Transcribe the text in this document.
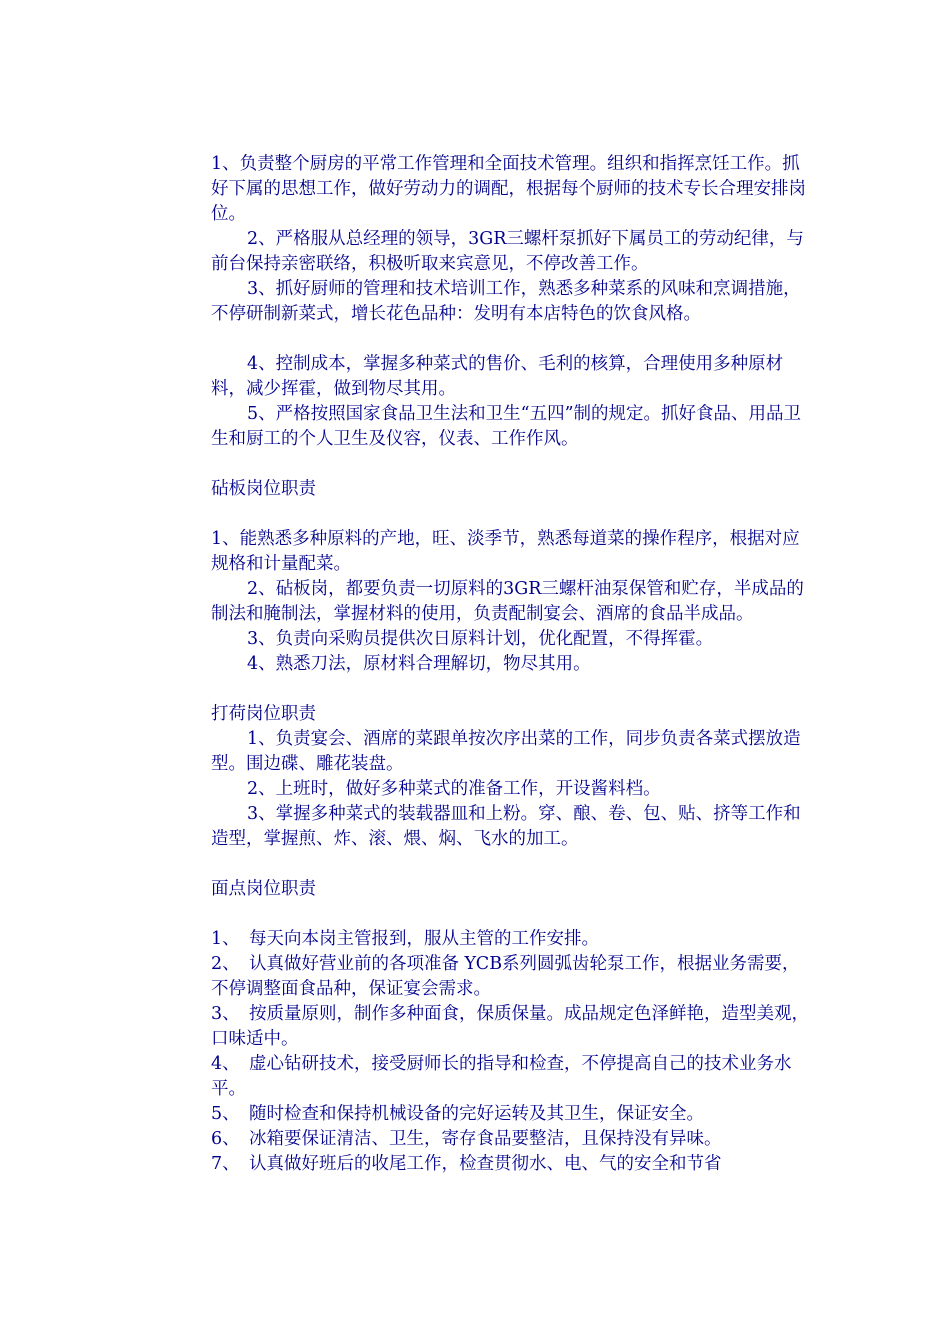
1、负责整个厨房的平常工作管理和全面技术管理。组织和指挥烹饪工作。抓好下属的思想工作，做好劳动力的调配，根据每个厨师的技术专长合理安排岗位。

2、严格服从总经理的领导，3GR三螺杆泵抓好下属员工的劳动纪律，与前台保持亲密联络，积极听取来宾意见，不停改善工作。

3、抓好厨师的管理和技术培训工作，熟悉多种菜系的风味和烹调措施，不停研制新菜式，增长花色品种：发明有本店特色的饮食风格。

4、控制成本，掌握多种菜式的售价、毛利的核算，合理使用多种原材料，减少挥霍，做到物尽其用。

5、严格按照国家食品卫生法和卫生“五四”制的规定。抓好食品、用品卫生和厨工的个人卫生及仪容，仪表、工作作风。

砧板岗位职责

1、能熟悉多种原料的产地，旺、淡季节，熟悉每道菜的操作程序，根据对应规格和计量配菜。

2、砧板岗，都要负责一切原料的3GR三螺杆油泵保管和贮存，半成品的制法和腌制法，掌握材料的使用，负责配制宴会、酒席的食品半成品。

3、负责向采购员提供次日原料计划，优化配置，不得挥霍。

4、熟悉刀法，原材料合理解切，物尽其用。

打荷岗位职责

1、负责宴会、酒席的菜跟单按次序出菜的工作，同步负责各菜式摆放造型。围边碟、雕花装盘。

2、上班时，做好多种菜式的准备工作，开设酱料档。

3、掌握多种菜式的装载器皿和上粉。穿、酿、卷、包、贴、挤等工作和造型，掌握煎、炸、滚、煨、焖、飞水的加工。

面点岗位职责

1、 每天向本岗主管报到，服从主管的工作安排。

2、 认真做好营业前的各项准备 YCB系列圆弧齿轮泵工作，根据业务需要，不停调整面食品种，保证宴会需求。

3、 按质量原则，制作多种面食，保质保量。成品规定色泽鲜艳，造型美观，口味适中。

4、 虚心钻研技术，接受厨师长的指导和检查，不停提高自己的技术业务水平。

5、 随时检查和保持机械设备的完好运转及其卫生，保证安全。

6、 冰箱要保证清洁、卫生，寄存食品要整洁，且保持没有异味。

7、 认真做好班后的收尾工作，检查贯彻水、电、气的安全和节省
